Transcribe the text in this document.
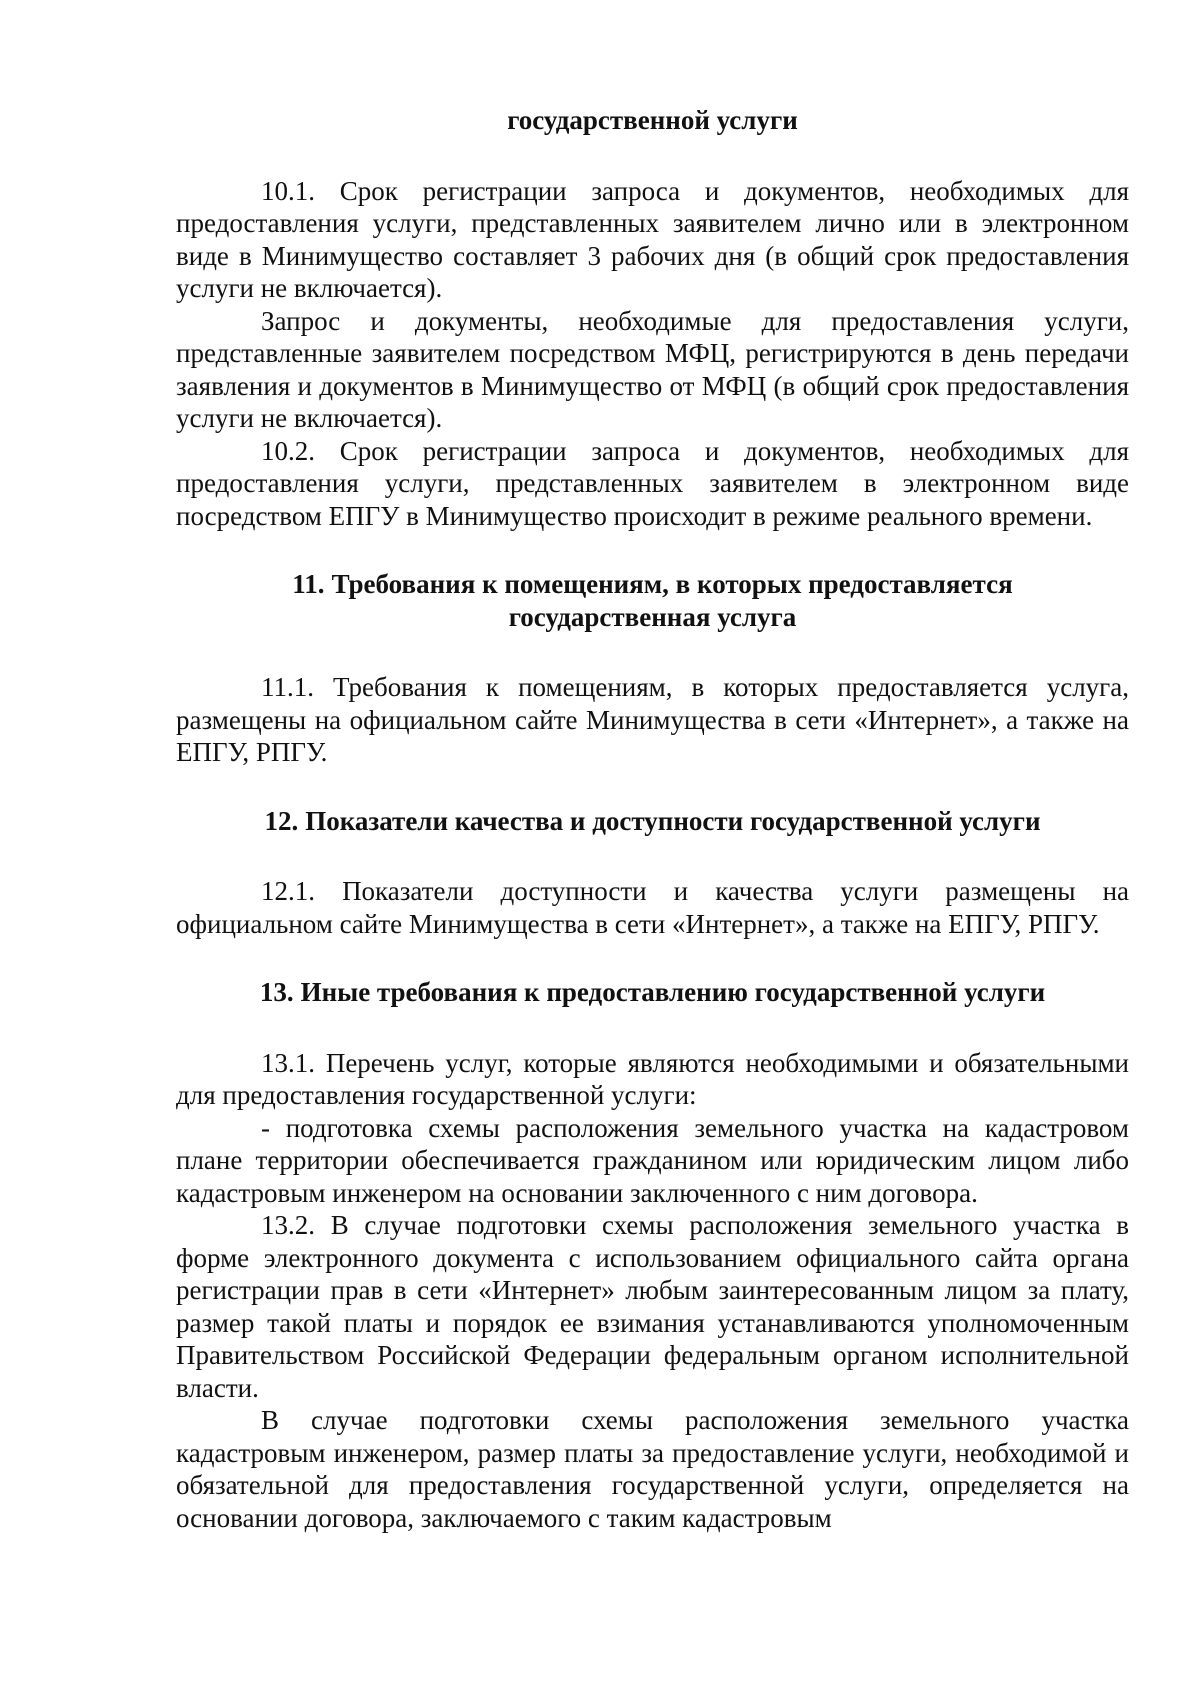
государственной услуги

10.1. Срок регистрации запроса и документов, необходимых для предоставления услуги, представленных заявителем лично или в электронном виде в Минимущество составляет 3 рабочих дня (в общий срок предоставления услуги не включается).

Запрос и документы, необходимые для предоставления услуги, представленные заявителем посредством МФЦ, регистрируются в день передачи заявления и документов в Минимущество от МФЦ (в общий срок предоставления услуги не включается).

10.2. Срок регистрации запроса и документов, необходимых для предоставления услуги, представленных заявителем в электронном виде посредством ЕПГУ в Минимущество происходит в режиме реального времени.

11. Требования к помещениям, в которых предоставляется
государственная услуга

11.1. Требования к помещениям, в которых предоставляется услуга, размещены на официальном сайте Минимущества в сети «Интернет», а также на ЕПГУ, РПГУ.

12. Показатели качества и доступности государственной услуги

12.1. Показатели доступности и качества услуги размещены на официальном сайте Минимущества в сети «Интернет», а также на ЕПГУ, РПГУ.

13. Иные требования к предоставлению государственной услуги

13.1. Перечень услуг, которые являются необходимыми и обязательными для предоставления государственной услуги:

- подготовка схемы расположения земельного участка на кадастровом плане территории обеспечивается гражданином или юридическим лицом либо кадастровым инженером на основании заключенного с ним договора.

13.2. В случае подготовки схемы расположения земельного участка в форме электронного документа с использованием официального сайта органа регистрации прав в сети «Интернет» любым заинтересованным лицом за плату, размер такой платы и порядок ее взимания устанавливаются уполномоченным Правительством Российской Федерации федеральным органом исполнительной власти.

В случае подготовки схемы расположения земельного участка кадастровым инженером, размер платы за предоставление услуги, необходимой и обязательной для предоставления государственной услуги, определяется на основании договора, заключаемого с таким кадастровым
